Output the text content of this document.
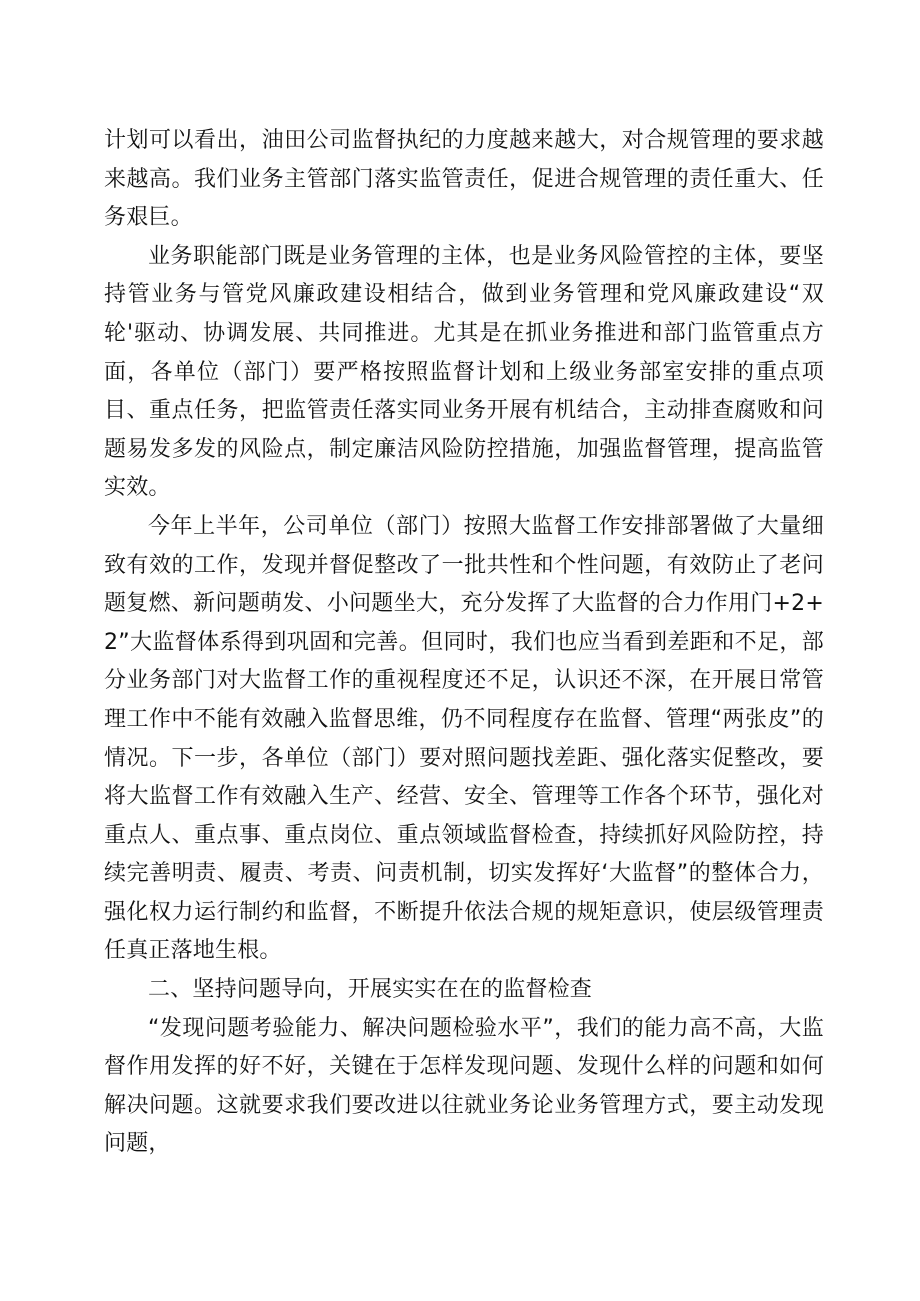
计划可以看出，油田公司监督执纪的力度越来越大，对合规管理的要求越来越高。我们业务主管部门落实监管责任，促进合规管理的责任重大、任务艰巨。

业务职能部门既是业务管理的主体，也是业务风险管控的主体，要坚持管业务与管党风廉政建设相结合，做到业务管理和党风廉政建设“双轮'驱动、协调发展、共同推进。尤其是在抓业务推进和部门监管重点方面，各单位（部门）要严格按照监督计划和上级业务部室安排的重点项目、重点任务，把监管责任落实同业务开展有机结合，主动排查腐败和问题易发多发的风险点，制定廉洁风险防控措施，加强监督管理，提高监管实效。

今年上半年，公司单位（部门）按照大监督工作安排部署做了大量细致有效的工作，发现并督促整改了一批共性和个性问题，有效防止了老问题复燃、新问题萌发、小问题坐大，充分发挥了大监督的合力作用门+2+2”大监督体系得到巩固和完善。但同时，我们也应当看到差距和不足，部分业务部门对大监督工作的重视程度还不足，认识还不深，在开展日常管理工作中不能有效融入监督思维，仍不同程度存在监督、管理“两张皮”的情况。下一步，各单位（部门）要对照问题找差距、强化落实促整改，要将大监督工作有效融入生产、经营、安全、管理等工作各个环节，强化对重点人、重点事、重点岗位、重点领域监督检查，持续抓好风险防控，持续完善明责、履责、考责、问责机制，切实发挥好‘大监督”的整体合力，强化权力运行制约和监督，不断提升依法合规的规矩意识，使层级管理责任真正落地生根。

二、坚持问题导向，开展实实在在的监督检查

“发现问题考验能力、解决问题检验水平”，我们的能力高不高，大监督作用发挥的好不好，关键在于怎样发现问题、发现什么样的问题和如何解决问题。这就要求我们要改进以往就业务论业务管理方式，要主动发现问题，
